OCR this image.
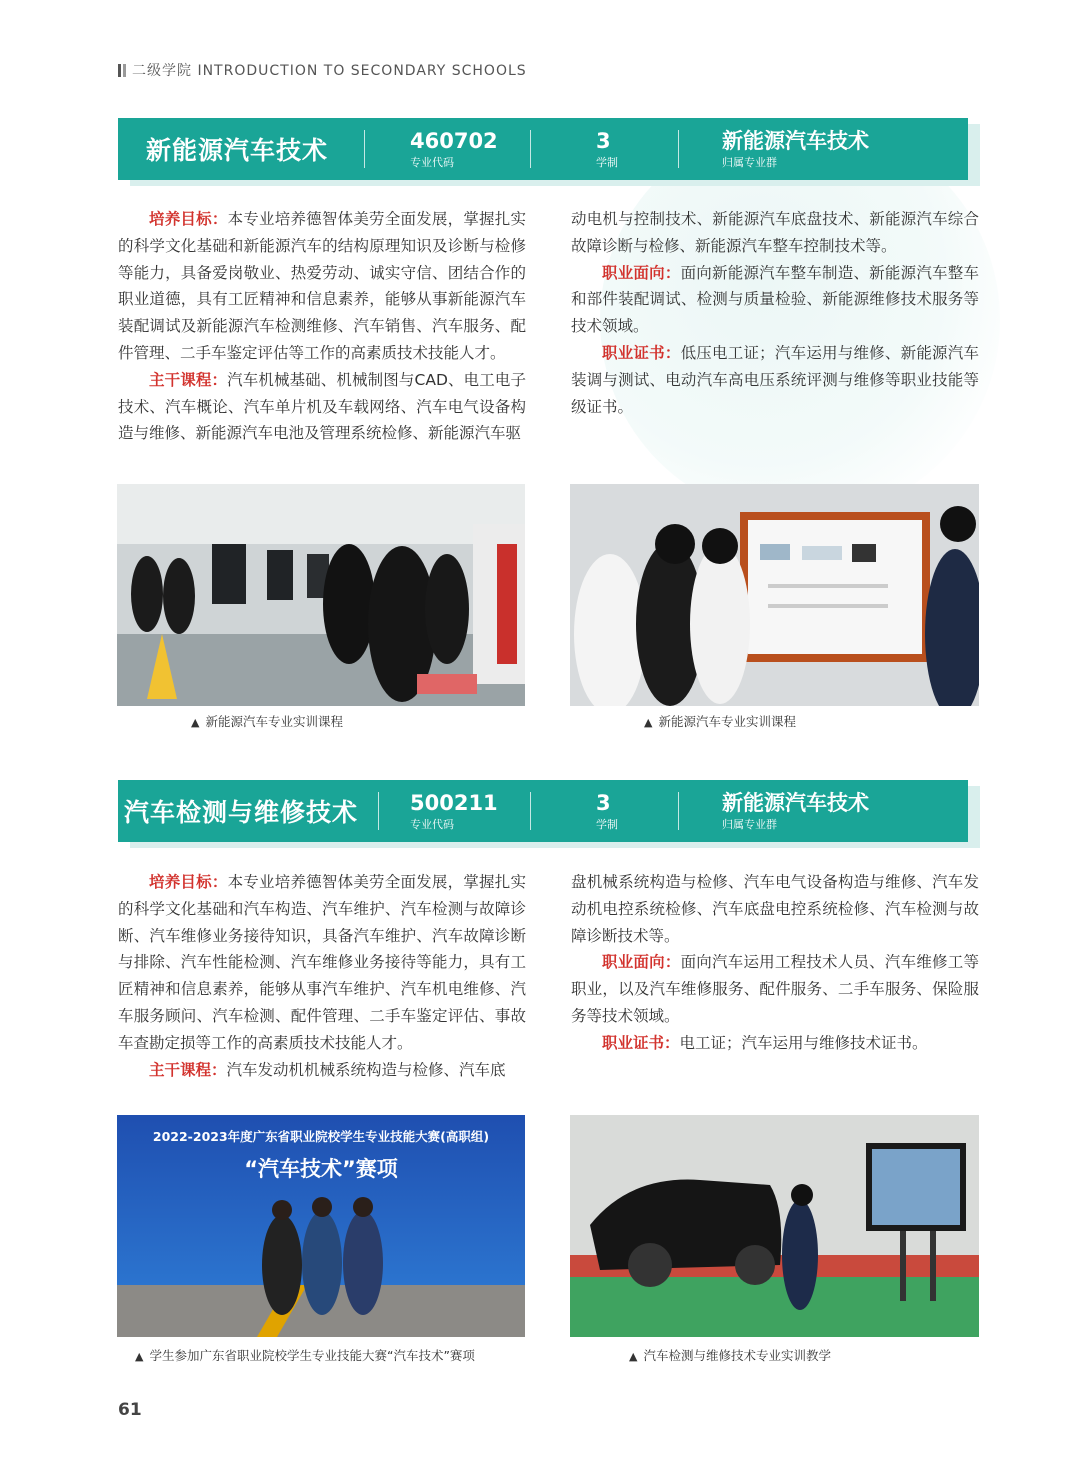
二级学院 INTRODUCTION TO SECONDARY SCHOOLS
新能源汽车技术	460702
专业代码
3
学制
新能源汽车技术
归属专业群

培养目标：本专业培养德智体美劳全面发展，掌握扎实的科学文化基础和新能源汽车的结构原理知识及诊断与检修等能力，具备爱岗敬业、热爱劳动、诚实守信、团结合作的职业道德，具有工匠精神和信息素养，能够从事新能源汽车装配调试及新能源汽车检测维修、汽车销售、汽车服务、配件管理、二手车鉴定评估等工作的高素质技术技能人才。

主干课程：汽车机械基础、机械制图与CAD、电工电子技术、汽车概论、汽车单片机及车载网络、汽车电气设备构造与维修、新能源汽车电池及管理系统检修、新能源汽车驱

动电机与控制技术、新能源汽车底盘技术、新能源汽车综合故障诊断与检修、新能源汽车整车控制技术等。

职业面向：面向新能源汽车整车制造、新能源汽车整车和部件装配调试、检测与质量检验、新能源维修技术服务等技术领域。

职业证书：低压电工证；汽车运用与维修、新能源汽车装调与测试、电动汽车高电压系统评测与维修等职业技能等级证书。

▲ 新能源汽车专业实训课程	▲ 新能源汽车专业实训课程
汽车检测与维修技术 500211
专业代码
3
学制
新能源汽车技术
归属专业群

培养目标：本专业培养德智体美劳全面发展，掌握扎实的科学文化基础和汽车构造、汽车维护、汽车检测与故障诊断、汽车维修业务接待知识，具备汽车维护、汽车故障诊断与排除、汽车性能检测、汽车维修业务接待等能力，具有工匠精神和信息素养，能够从事汽车维护、汽车机电维修、汽车服务顾问、汽车检测、配件管理、二手车鉴定评估、事故车查勘定损等工作的高素质技术技能人才。

主干课程：汽车发动机机械系统构造与检修、汽车底

盘机械系统构造与检修、汽车电气设备构造与维修、汽车发动机电控系统检修、汽车底盘电控系统检修、汽车检测与故障诊断技术等。

职业面向：面向汽车运用工程技术人员、汽车维修工等职业，以及汽车维修服务、配件服务、二手车服务、保险服务等技术领域。

职业证书：电工证；汽车运用与维修技术证书。

2022-2023年度广东省职业院校学生专业技能大赛(高职组)
“汽车技术”赛项
▲ 学生参加广东省职业院校学生专业技能大赛“汽车技术”赛项	▲ 汽车检测与维修技术专业实训教学
61
